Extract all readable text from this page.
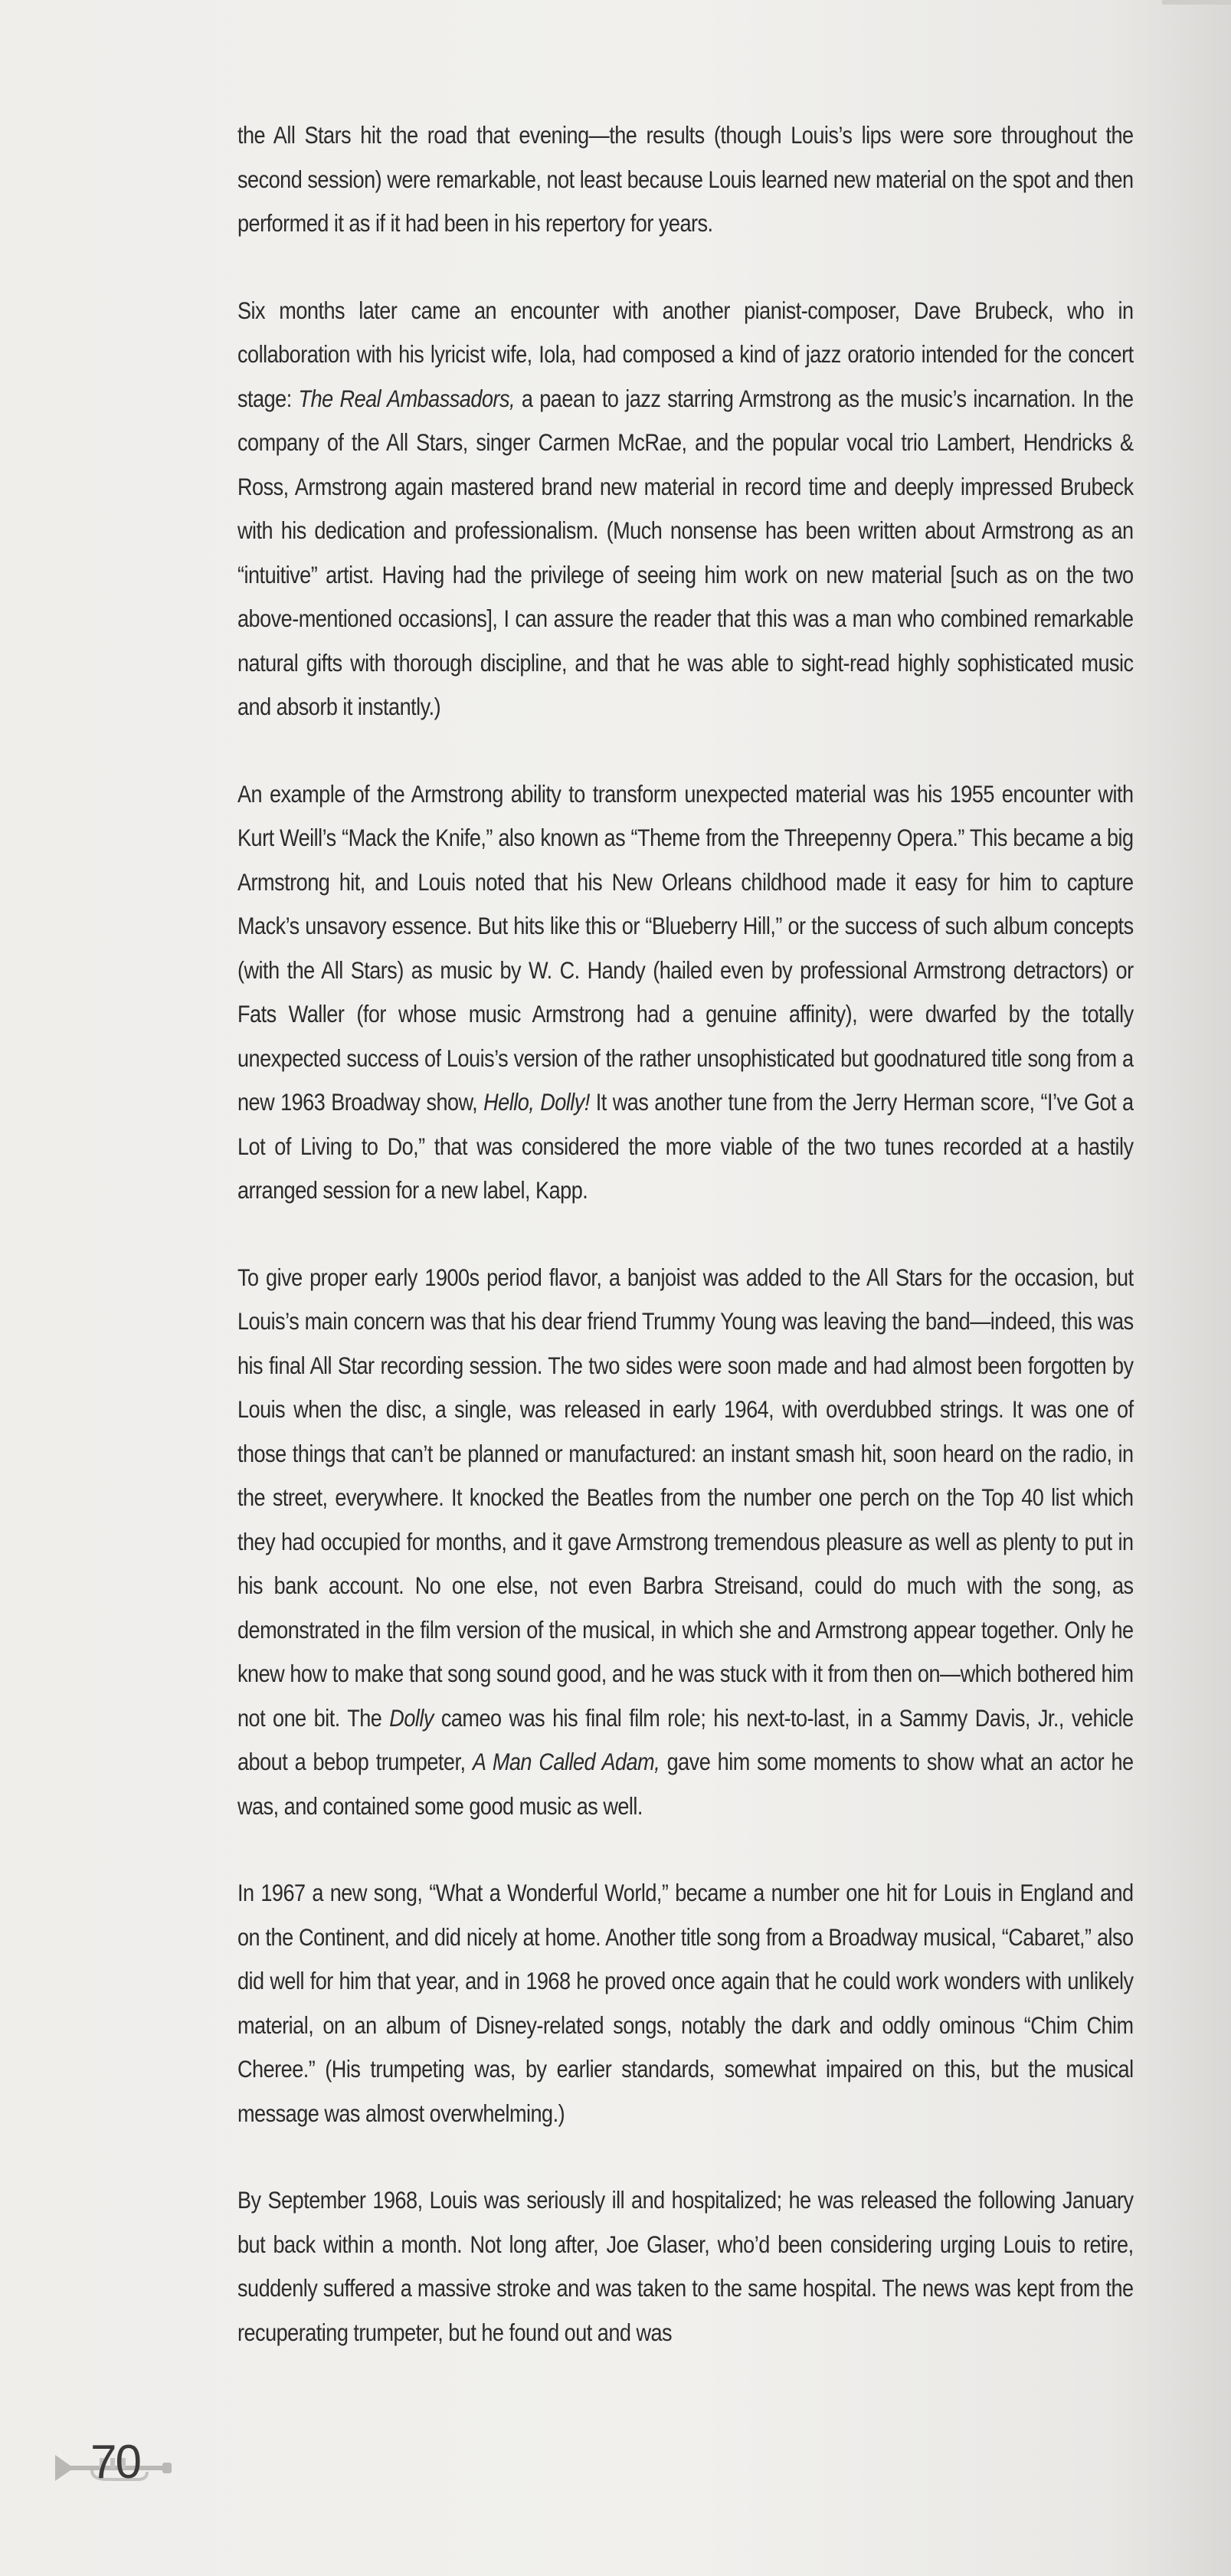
the All Stars hit the road that evening—the results (though Louis’s lips were sore throughout the second session) were remarkable, not least because Louis learned new material on the spot and then performed it as if it had been in his repertory for years.

Six months later came an encounter with another pianist-composer, Dave Brubeck, who in collaboration with his lyricist wife, Iola, had composed a kind of jazz oratorio intended for the concert stage: The Real Ambassadors, a paean to jazz starring Armstrong as the music’s incarnation. In the company of the All Stars, singer Carmen McRae, and the popular vocal trio Lambert, Hendricks & Ross, Armstrong again mastered brand new material in record time and deeply impressed Brubeck with his dedication and professionalism. (Much nonsense has been written about Armstrong as an “intuitive” artist. Having had the privilege of seeing him work on new material [such as on the two above-mentioned occasions], I can assure the reader that this was a man who combined remarkable natural gifts with thorough discipline, and that he was able to sight-read highly sophisticated music and absorb it instantly.)

An example of the Armstrong ability to transform unexpected material was his 1955 encounter with Kurt Weill’s “Mack the Knife,” also known as “Theme from the Threepenny Opera.” This became a big Armstrong hit, and Louis noted that his New Orleans childhood made it easy for him to capture Mack’s unsavory essence. But hits like this or “Blueberry Hill,” or the success of such album concepts (with the All Stars) as music by W. C. Handy (hailed even by professional Armstrong detractors) or Fats Waller (for whose music Armstrong had a genuine affinity), were dwarfed by the totally unexpected success of Louis’s version of the rather unsophisticated but goodnatured title song from a new 1963 Broadway show, Hello, Dolly! It was another tune from the Jerry Herman score, “I’ve Got a Lot of Living to Do,” that was considered the more viable of the two tunes recorded at a hastily arranged session for a new label, Kapp.

To give proper early 1900s period flavor, a banjoist was added to the All Stars for the occasion, but Louis’s main concern was that his dear friend Trummy Young was leaving the band—indeed, this was his final All Star recording session. The two sides were soon made and had almost been forgotten by Louis when the disc, a single, was released in early 1964, with overdubbed strings. It was one of those things that can’t be planned or manufactured: an instant smash hit, soon heard on the radio, in the street, everywhere. It knocked the Beatles from the number one perch on the Top 40 list which they had occupied for months, and it gave Armstrong tremendous pleasure as well as plenty to put in his bank account. No one else, not even Barbra Streisand, could do much with the song, as demonstrated in the film version of the musical, in which she and Armstrong appear together. Only he knew how to make that song sound good, and he was stuck with it from then on—which bothered him not one bit. The Dolly cameo was his final film role; his next-to-last, in a Sammy Davis, Jr., vehicle about a bebop trumpeter, A Man Called Adam, gave him some moments to show what an actor he was, and contained some good music as well.

In 1967 a new song, “What a Wonderful World,” became a number one hit for Louis in England and on the Continent, and did nicely at home. Another title song from a Broadway musical, “Cabaret,” also did well for him that year, and in 1968 he proved once again that he could work wonders with unlikely material, on an album of Disney-related songs, notably the dark and oddly ominous “Chim Chim Cheree.” (His trumpeting was, by earlier standards, somewhat impaired on this, but the musical message was almost overwhelming.)

By September 1968, Louis was seriously ill and hospitalized; he was released the following January but back within a month. Not long after, Joe Glaser, who’d been considering urging Louis to retire, suddenly suffered a massive stroke and was taken to the same hospital. The news was kept from the recuperating trumpeter, but he found out and was

70
